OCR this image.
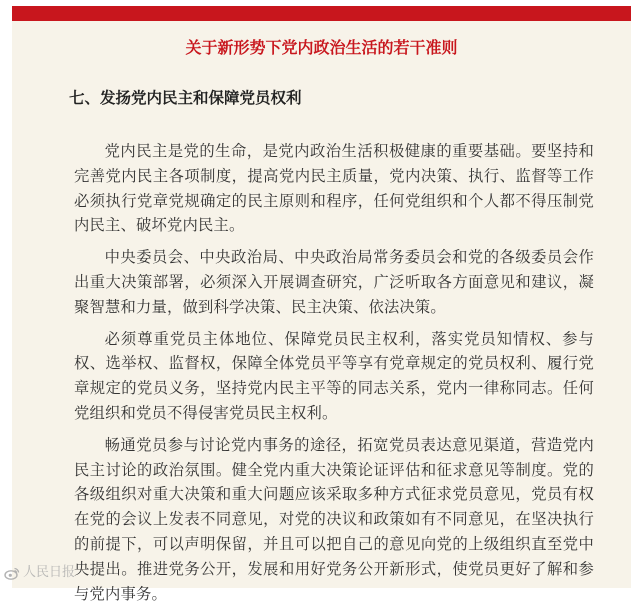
关于新形势下党内政治生活的若干准则
七、发扬党内民主和保障党员权利

党内民主是党的生命，是党内政治生活积极健康的重要基础。要坚持和完善党内民主各项制度，提高党内民主质量，党内决策、执行、监督等工作必须执行党章党规确定的民主原则和程序，任何党组织和个人都不得压制党内民主、破坏党内民主。

中央委员会、中央政治局、中央政治局常务委员会和党的各级委员会作出重大决策部署，必须深入开展调查研究，广泛听取各方面意见和建议，凝聚智慧和力量，做到科学决策、民主决策、依法决策。

必须尊重党员主体地位、保障党员民主权利，落实党员知情权、参与权、选举权、监督权，保障全体党员平等享有党章规定的党员权利、履行党章规定的党员义务，坚持党内民主平等的同志关系，党内一律称同志。任何党组织和党员不得侵害党员民主权利。

畅通党员参与讨论党内事务的途径，拓宽党员表达意见渠道，营造党内民主讨论的政治氛围。健全党内重大决策论证评估和征求意见等制度。党的各级组织对重大决策和重大问题应该采取多种方式征求党员意见，党员有权在党的会议上发表不同意见，对党的决议和政策如有不同意见，在坚决执行的前提下，可以声明保留，并且可以把自己的意见向党的上级组织直至党中央提出。推进党务公开，发展和用好党务公开新形式，使党员更好了解和参与党内事务。

人民日报
